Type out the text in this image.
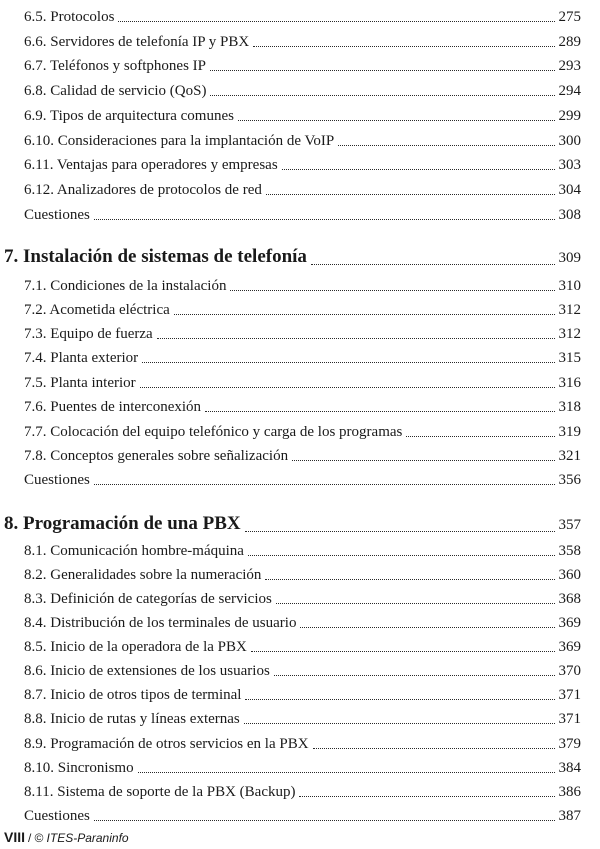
6.5. Protocolos	275
6.6. Servidores de telefonía IP y PBX	289
6.7. Teléfonos y softphones IP	293
6.8. Calidad de servicio (QoS)	294
6.9. Tipos de arquitectura comunes	299
6.10. Consideraciones para la implantación de VoIP	300
6.11. Ventajas para operadores y empresas	303
6.12. Analizadores de protocolos de red	304
Cuestiones	308
7. Instalación de sistemas de telefonía	309
7.1. Condiciones de la instalación	310
7.2. Acometida eléctrica	312
7.3. Equipo de fuerza	312
7.4. Planta exterior	315
7.5. Planta interior	316
7.6. Puentes de interconexión	318
7.7. Colocación del equipo telefónico y carga de los programas	319
7.8. Conceptos generales sobre señalización	321
Cuestiones	356
8. Programación de una PBX	357
8.1. Comunicación hombre-máquina	358
8.2. Generalidades sobre la numeración	360
8.3. Definición de categorías de servicios	368
8.4. Distribución de los terminales de usuario	369
8.5. Inicio de la operadora de la PBX	369
8.6. Inicio de extensiones de los usuarios	370
8.7. Inicio de otros tipos de terminal	371
8.8. Inicio de rutas y líneas externas	371
8.9. Programación de otros servicios en la PBX	379
8.10. Sincronismo	384
8.11. Sistema de soporte de la PBX (Backup)	386
Cuestiones	387
VIII / © ITES-Paraninfo
